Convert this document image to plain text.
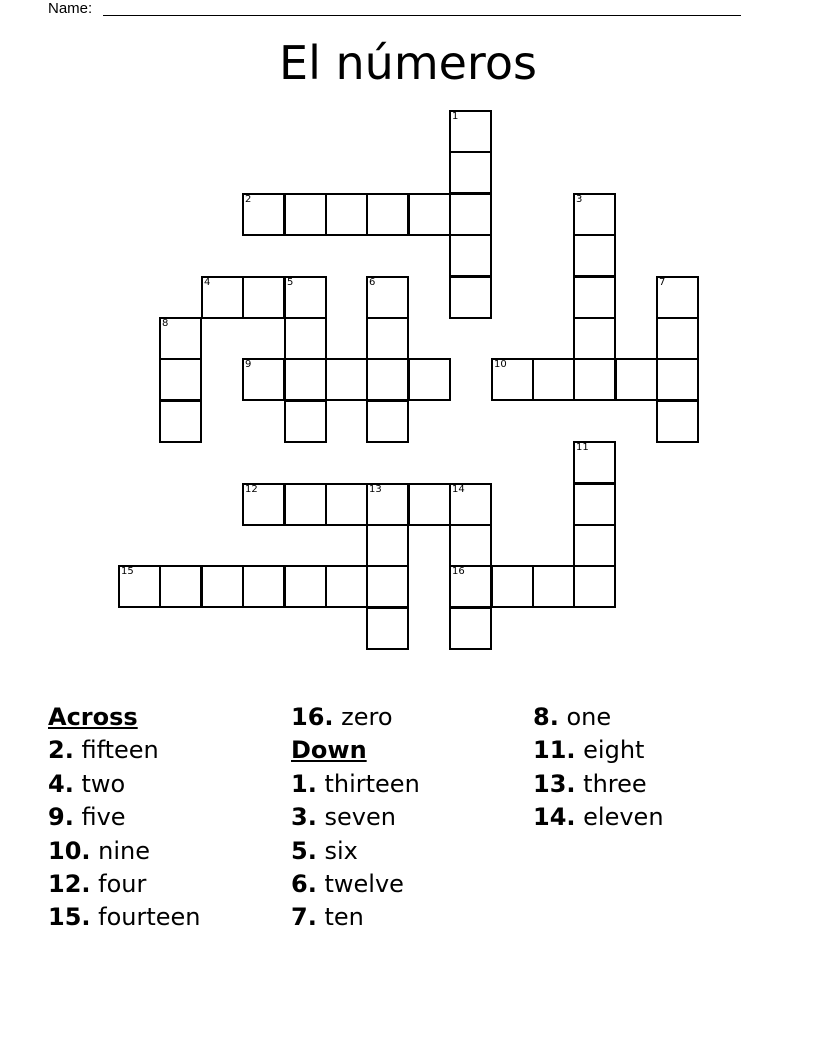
Name:
El números
1
2	3
4	5	6	7
8
9	10
11
12	13	14
15	16
Across
2. fifteen
4. two
9. five
10. nine
12. four
15. fourteen
16. zero
Down
1. thirteen
3. seven
5. six
6. twelve
7. ten
8. one
11. eight
13. three
14. eleven
